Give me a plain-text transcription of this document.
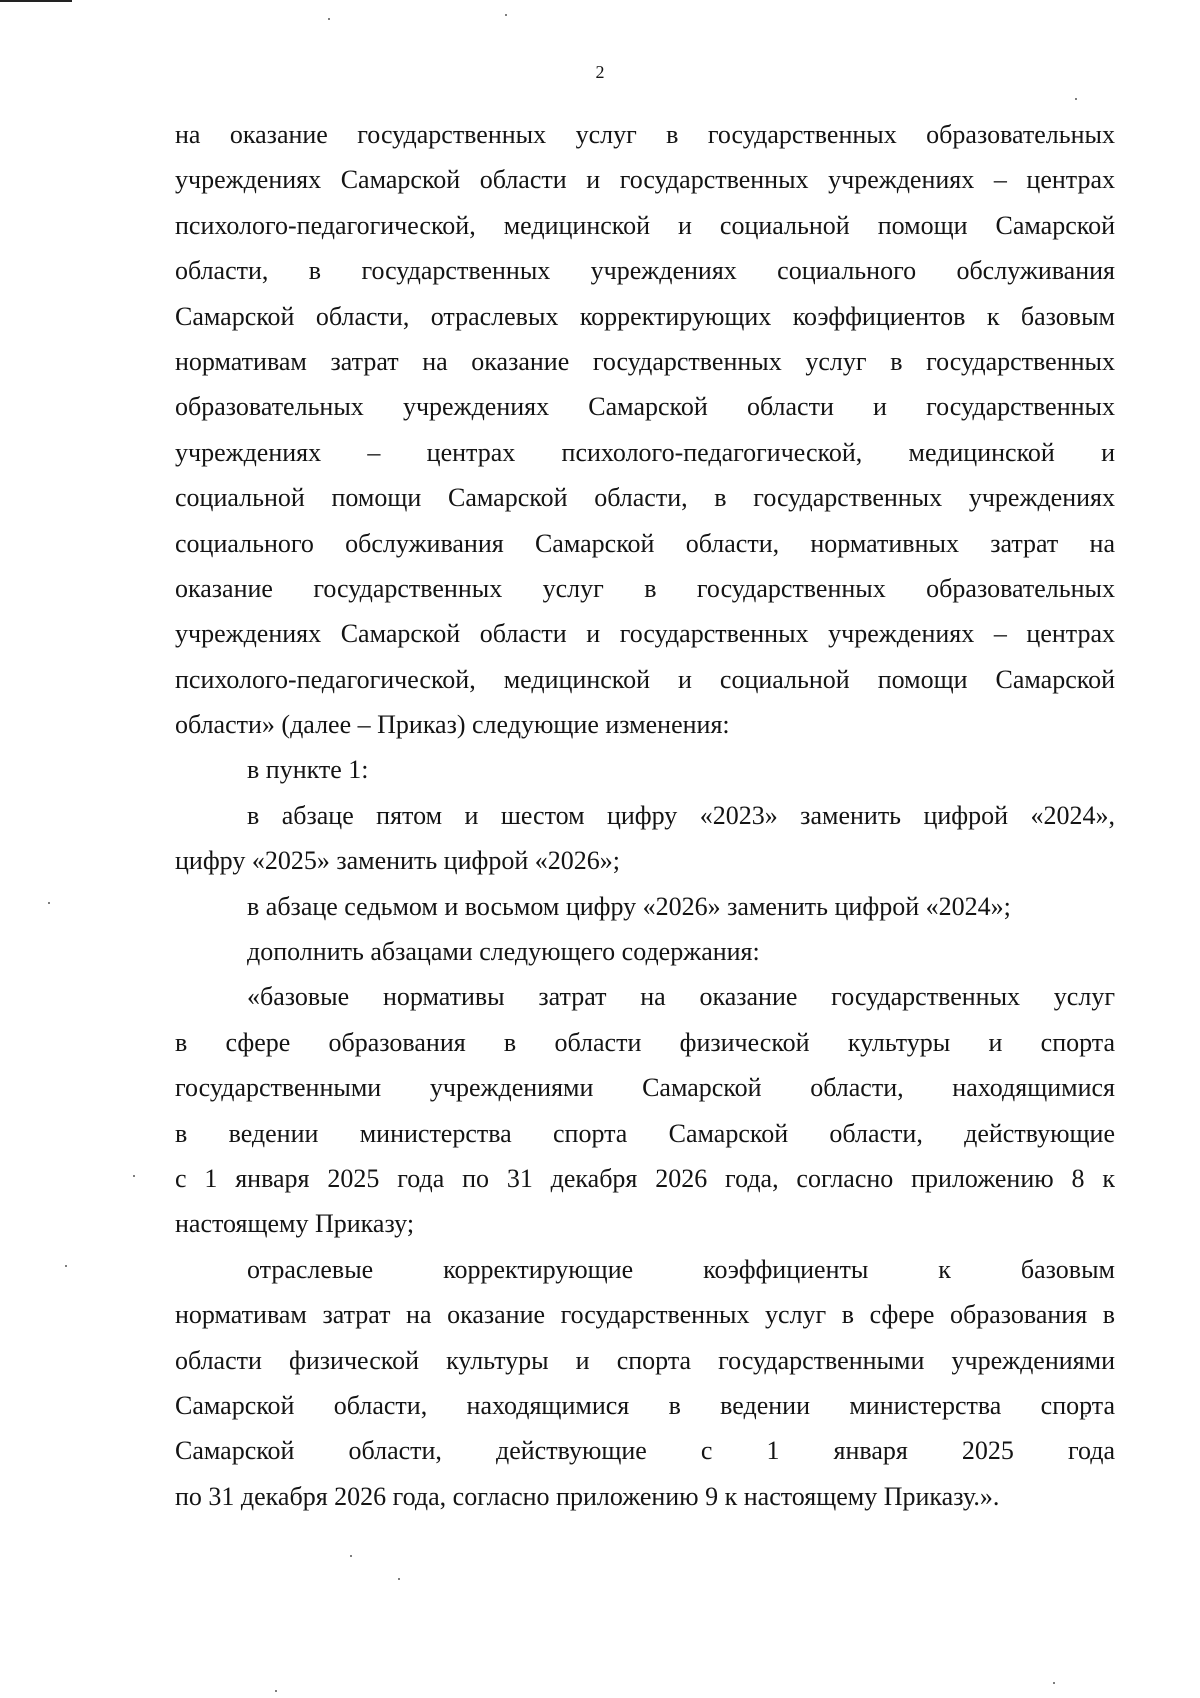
2
на оказание государственных услуг в государственных образовательных
учреждениях Самарской области и государственных учреждениях – центрах
психолого-педагогической, медицинской и социальной помощи Самарской
области, в государственных учреждениях социального обслуживания
Самарской области, отраслевых корректирующих коэффициентов к базовым
нормативам затрат на оказание государственных услуг в государственных
образовательных учреждениях Самарской области и государственных
учреждениях – центрах психолого-педагогической, медицинской и
социальной помощи Самарской области, в государственных учреждениях
социального обслуживания Самарской области, нормативных затрат на
оказание государственных услуг в государственных образовательных
учреждениях Самарской области и государственных учреждениях – центрах
психолого-педагогической, медицинской и социальной помощи Самарской
области» (далее – Приказ) следующие изменения:
в пункте 1:
в абзаце пятом и шестом цифру «2023» заменить цифрой «2024»,
цифру «2025» заменить цифрой «2026»;
в абзаце седьмом и восьмом цифру «2026» заменить цифрой «2024»;
дополнить абзацами следующего содержания:
«базовые нормативы затрат на оказание государственных услуг
в сфере образования в области физической культуры и спорта
государственными учреждениями Самарской области, находящимися
в ведении министерства спорта Самарской области, действующие
с 1 января 2025 года по 31 декабря 2026 года, согласно приложению 8 к
настоящему Приказу;
отраслевые корректирующие коэффициенты к базовым
нормативам затрат на оказание государственных услуг в сфере образования в
области физической культуры и спорта государственными учреждениями
Самарской области, находящимися в ведении министерства спорта
Самарской области, действующие с 1 января 2025 года
по 31 декабря 2026 года, согласно приложению 9 к настоящему Приказу.».
